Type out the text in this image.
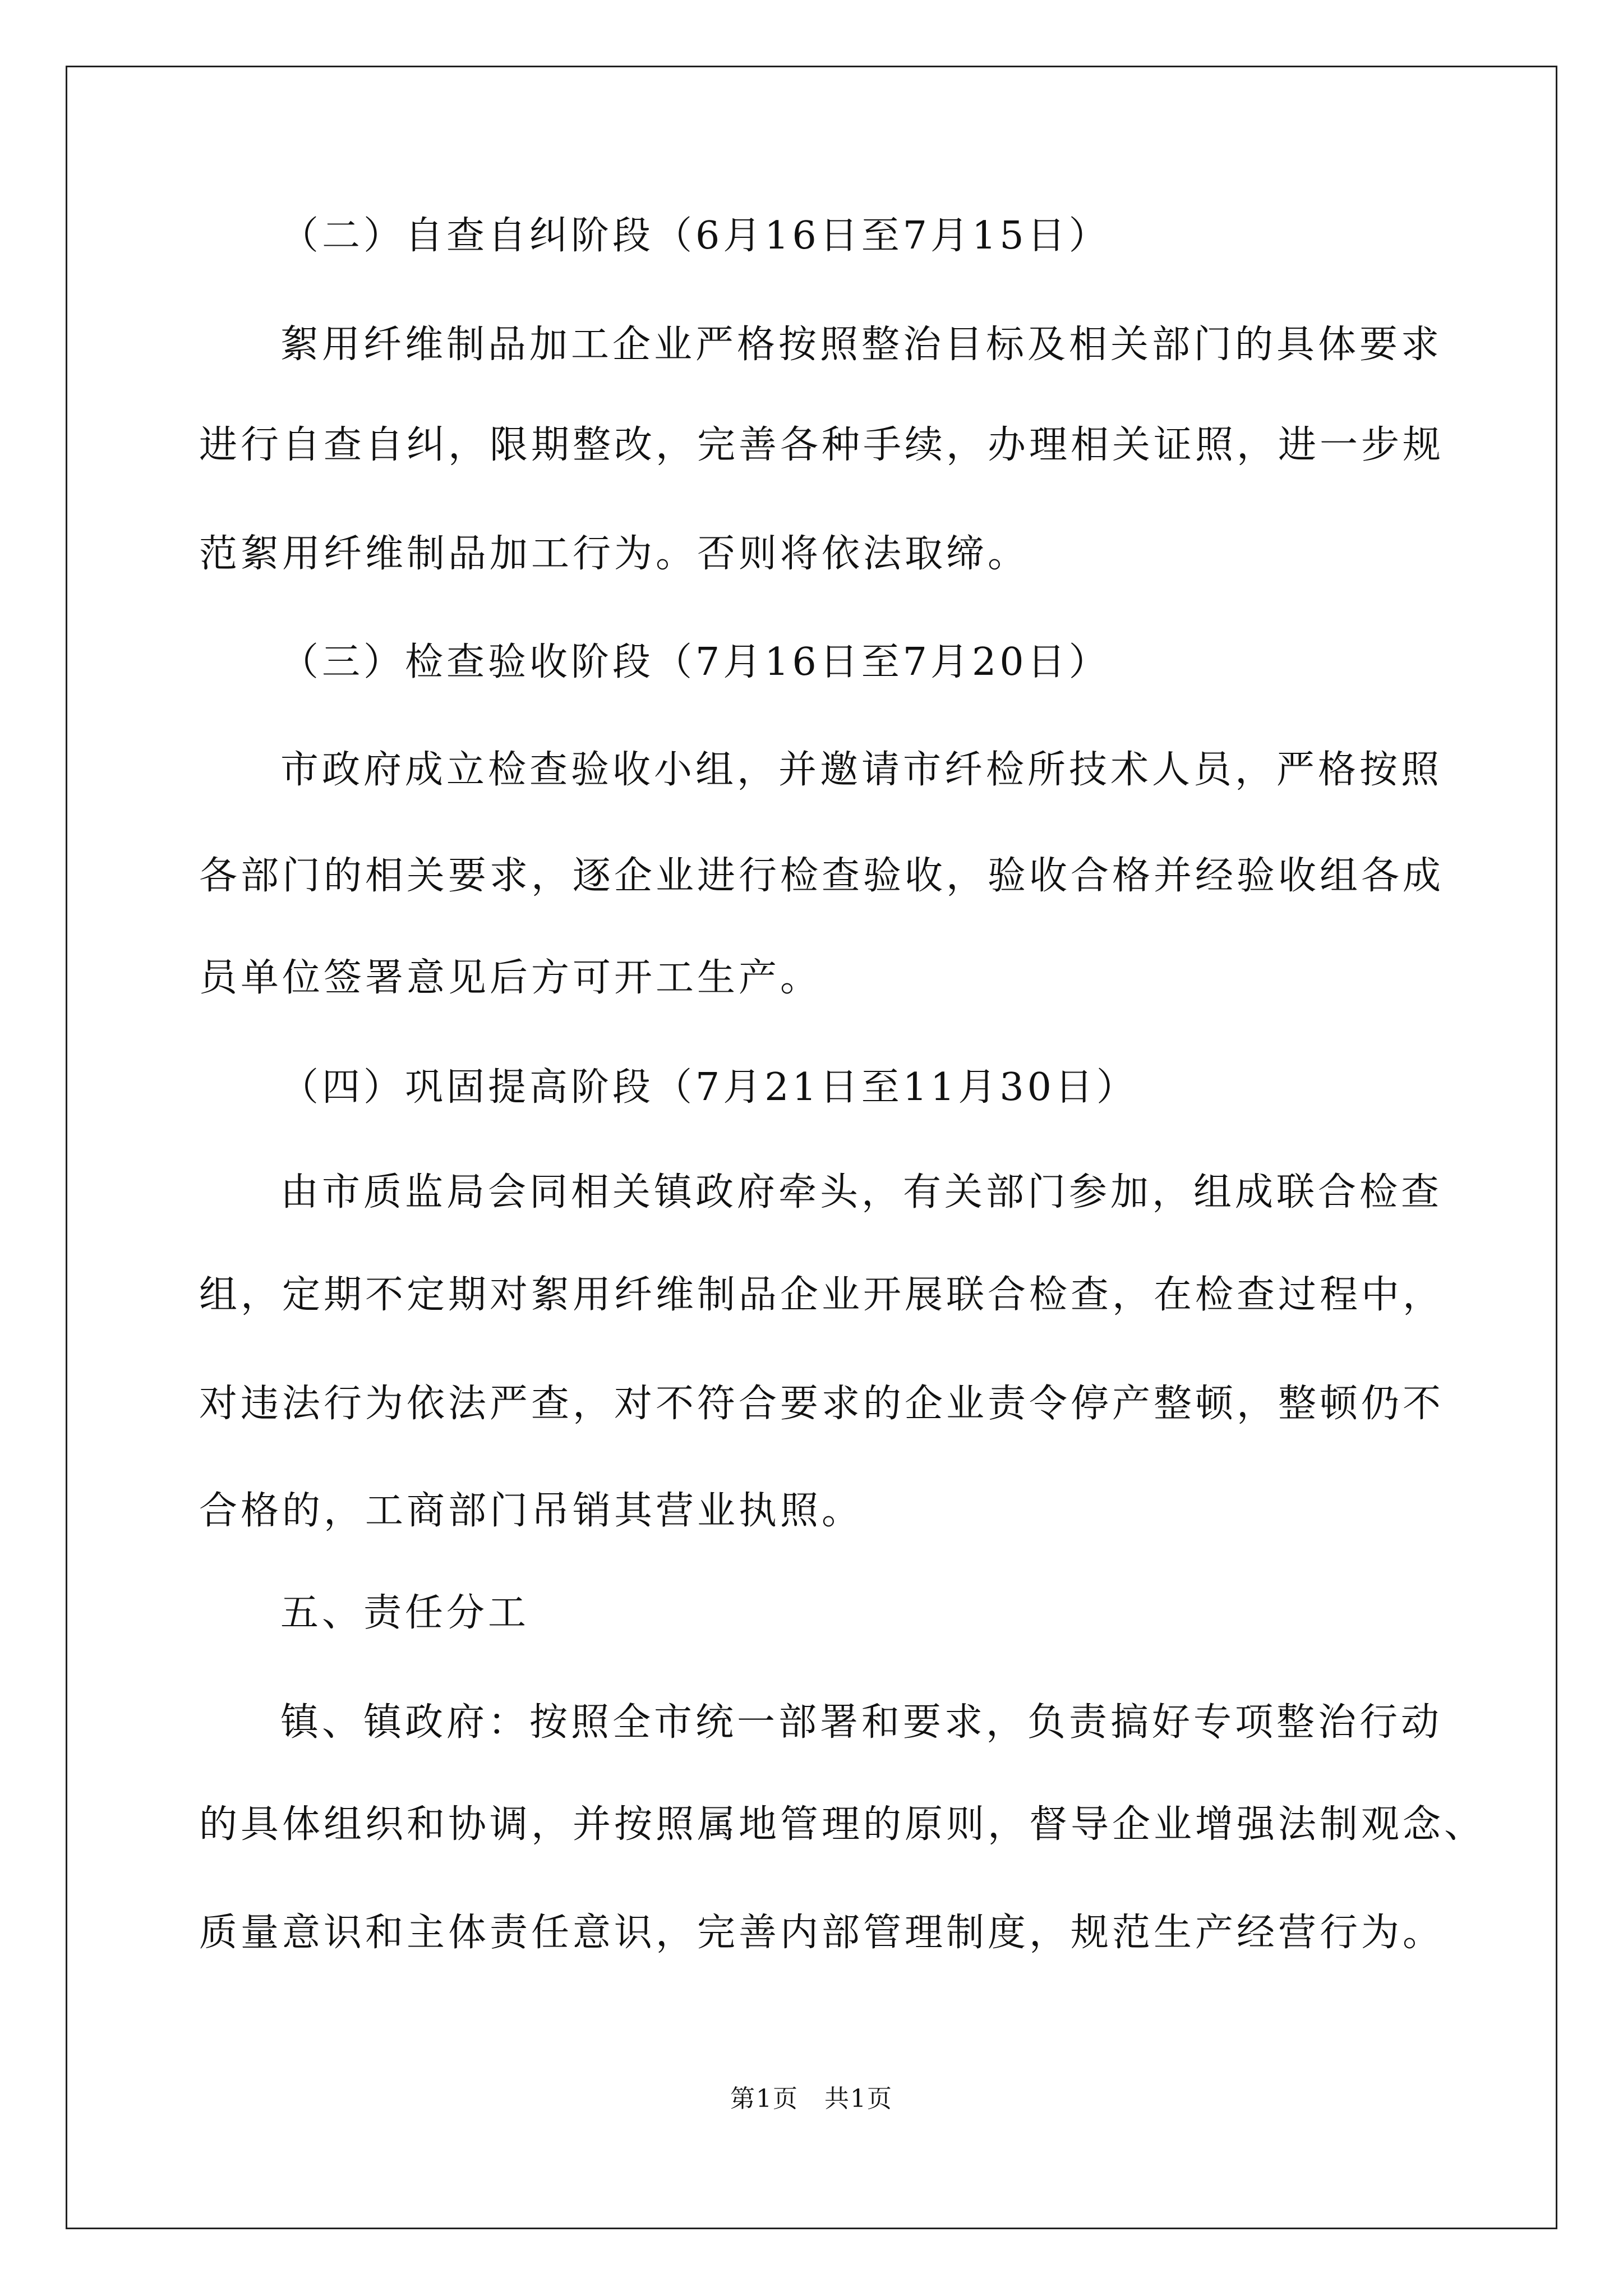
（二）自查自纠阶段（6月16日至7月15日）

絮用纤维制品加工企业严格按照整治目标及相关部门的具体要求

进行自查自纠，限期整改，完善各种手续，办理相关证照，进一步规

范絮用纤维制品加工行为。否则将依法取缔。

（三）检查验收阶段（7月16日至7月20日）

市政府成立检查验收小组，并邀请市纤检所技术人员，严格按照

各部门的相关要求，逐企业进行检查验收，验收合格并经验收组各成

员单位签署意见后方可开工生产。

（四）巩固提高阶段（7月21日至11月30日）

由市质监局会同相关镇政府牵头，有关部门参加，组成联合检查

组，定期不定期对絮用纤维制品企业开展联合检查，在检查过程中，

对违法行为依法严查，对不符合要求的企业责令停产整顿，整顿仍不

合格的，工商部门吊销其营业执照。

五、责任分工

镇、镇政府：按照全市统一部署和要求，负责搞好专项整治行动

的具体组织和协调，并按照属地管理的原则，督导企业增强法制观念、

质量意识和主体责任意识，完善内部管理制度，规范生产经营行为。

第1页　共1页
